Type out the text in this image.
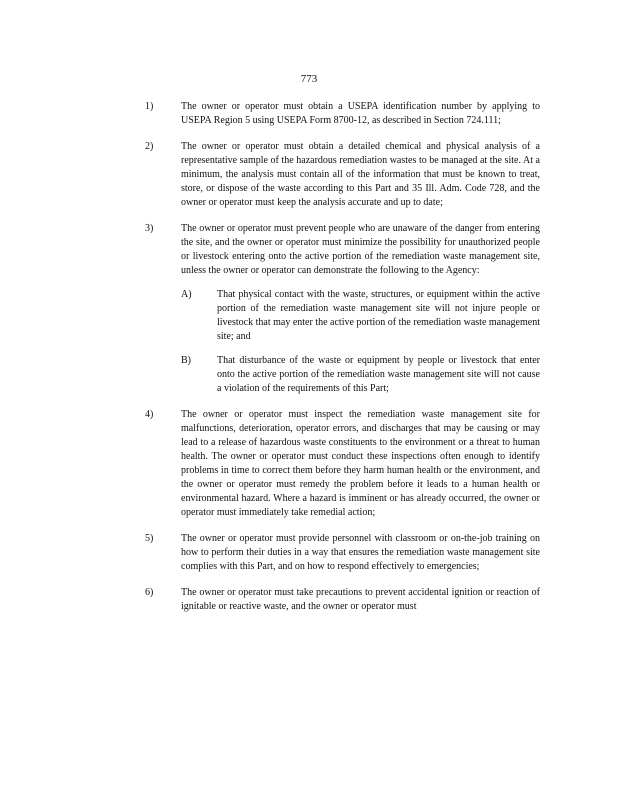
773
1)	The owner or operator must obtain a USEPA identification number by applying to USEPA Region 5 using USEPA Form 8700-12, as described in Section 724.111;
2)	The owner or operator must obtain a detailed chemical and physical analysis of a representative sample of the hazardous remediation wastes to be managed at the site. At a minimum, the analysis must contain all of the information that must be known to treat, store, or dispose of the waste according to this Part and 35 Ill. Adm. Code 728, and the owner or operator must keep the analysis accurate and up to date;
3)	The owner or operator must prevent people who are unaware of the danger from entering the site, and the owner or operator must minimize the possibility for unauthorized people or livestock entering onto the active portion of the remediation waste management site, unless the owner or operator can demonstrate the following to the Agency:
A)	That physical contact with the waste, structures, or equipment within the active portion of the remediation waste management site will not injure people or livestock that may enter the active portion of the remediation waste management site; and
B)	That disturbance of the waste or equipment by people or livestock that enter onto the active portion of the remediation waste management site will not cause a violation of the requirements of this Part;
4)	The owner or operator must inspect the remediation waste management site for malfunctions, deterioration, operator errors, and discharges that may be causing or may lead to a release of hazardous waste constituents to the environment or a threat to human health. The owner or operator must conduct these inspections often enough to identify problems in time to correct them before they harm human health or the environment, and the owner or operator must remedy the problem before it leads to a human health or environmental hazard. Where a hazard is imminent or has already occurred, the owner or operator must immediately take remedial action;
5)	The owner or operator must provide personnel with classroom or on-the-job training on how to perform their duties in a way that ensures the remediation waste management site complies with this Part, and on how to respond effectively to emergencies;
6)	The owner or operator must take precautions to prevent accidental ignition or reaction of ignitable or reactive waste, and the owner or operator must
